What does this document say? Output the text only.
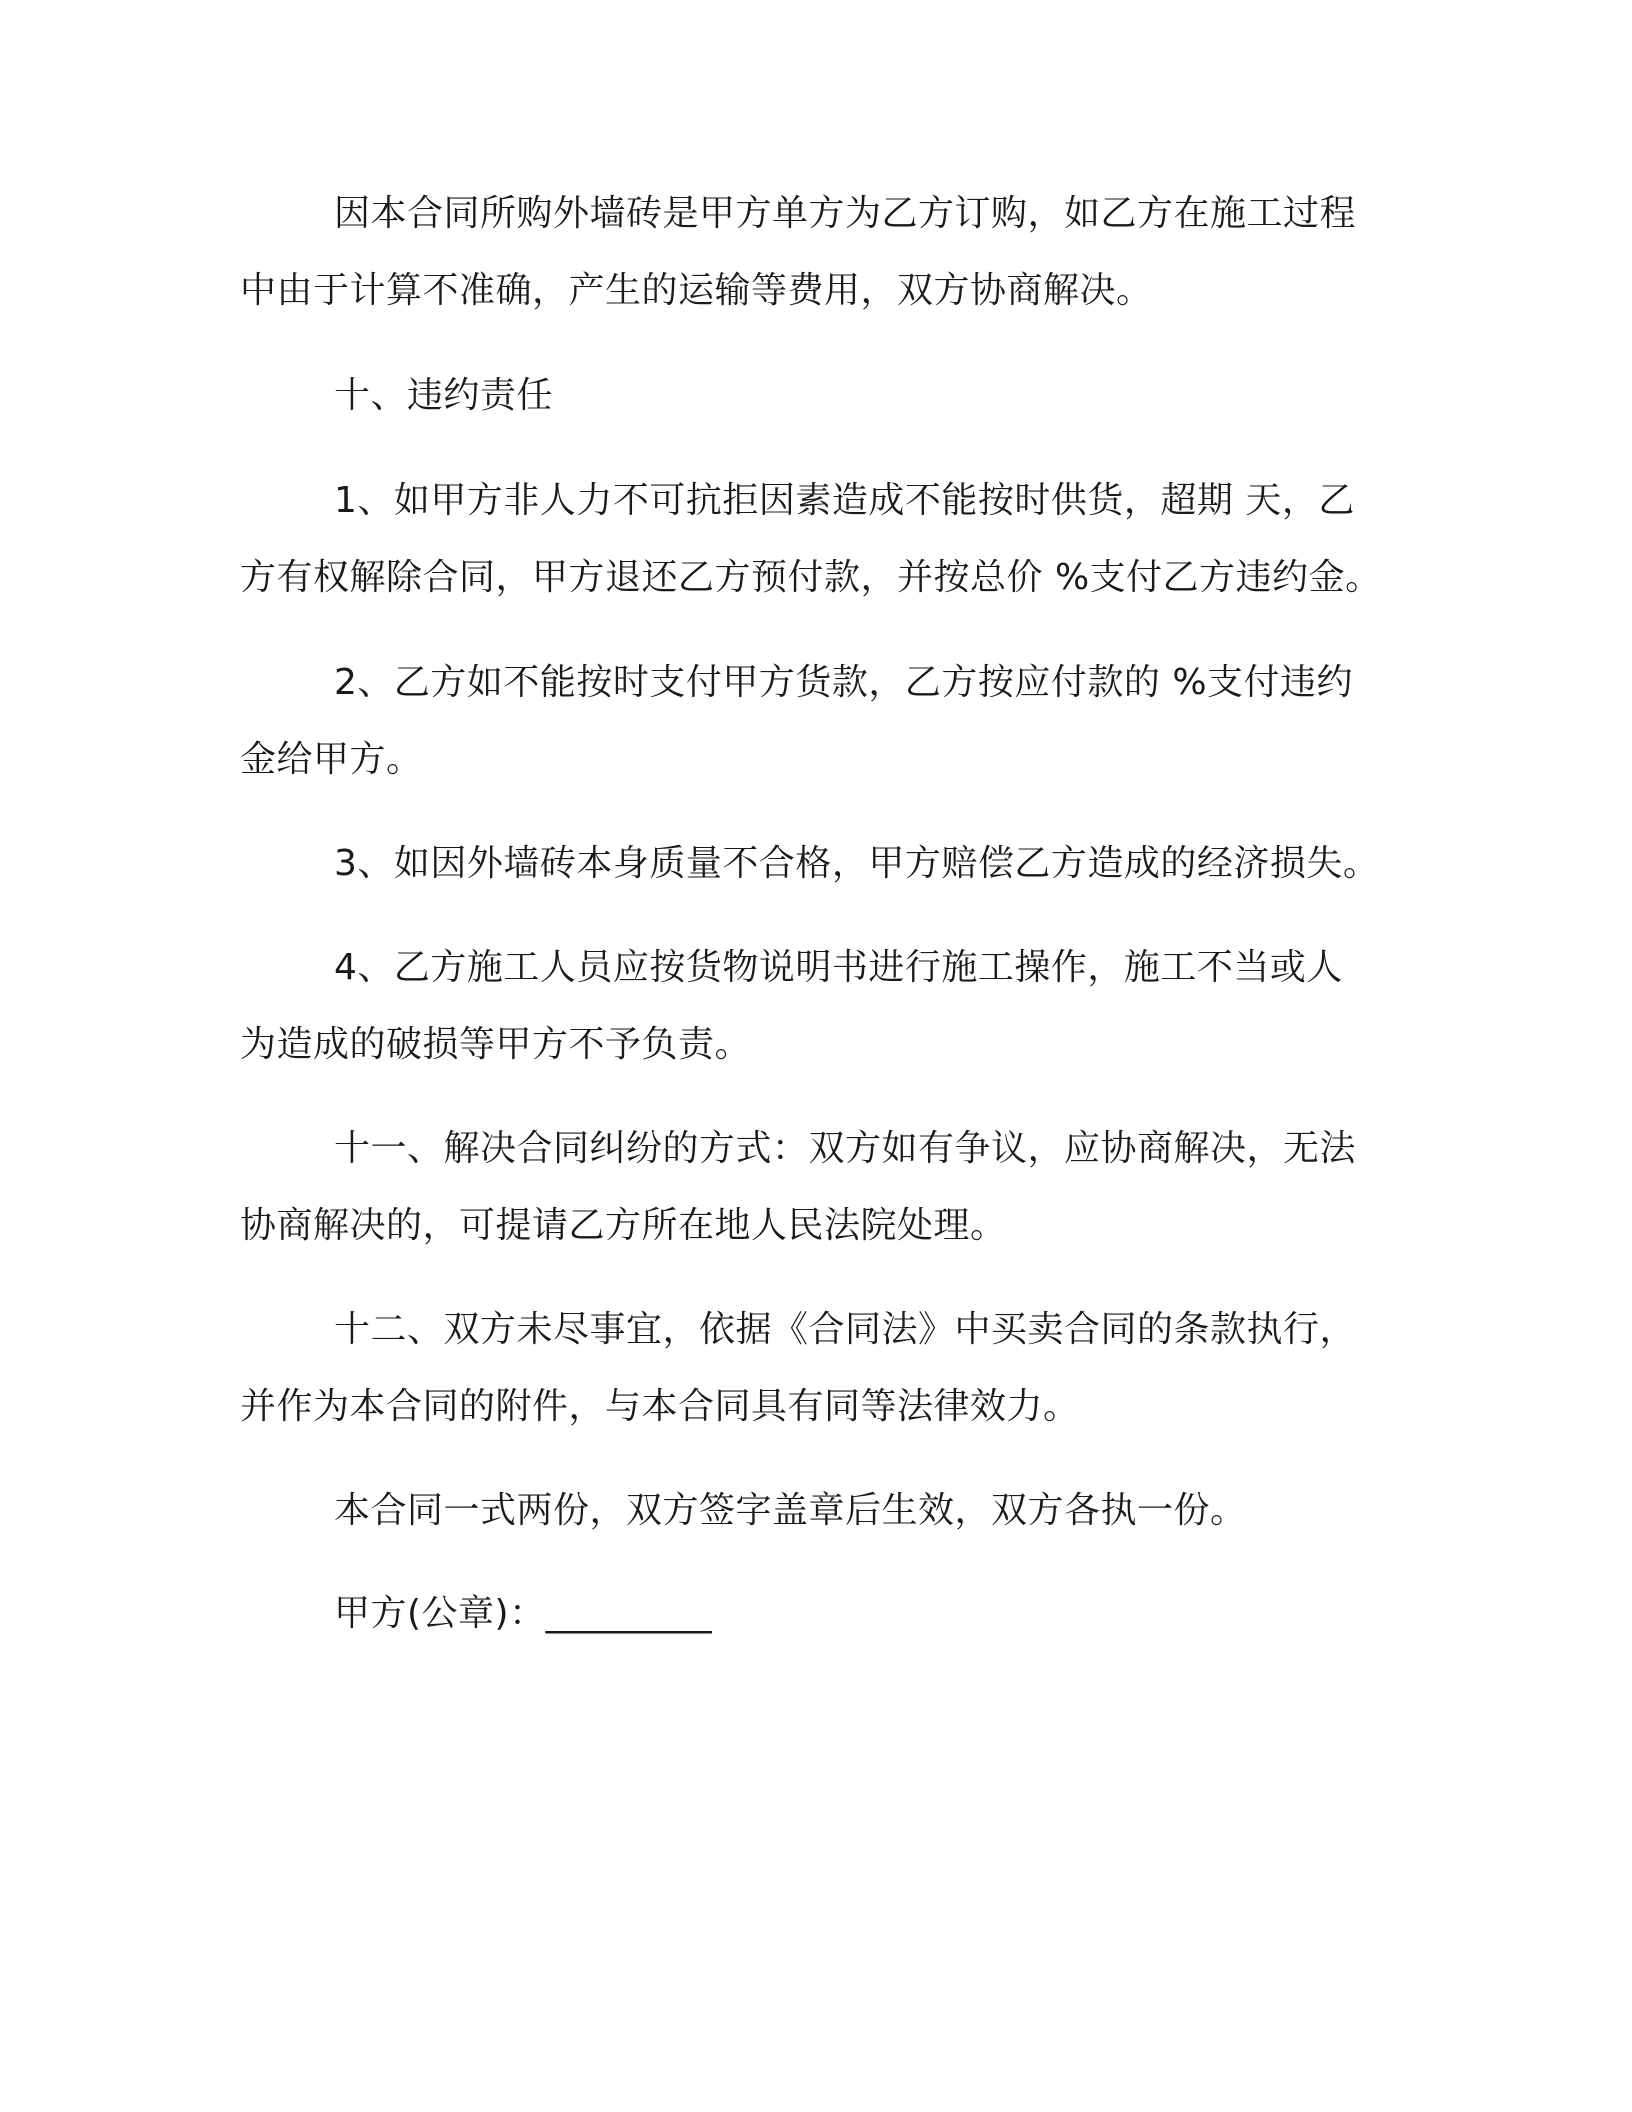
因本合同所购外墙砖是甲方单方为乙方订购，如乙方在施工过程
中由于计算不准确，产生的运输等费用，双方协商解决。
十、违约责任
1、如甲方非人力不可抗拒因素造成不能按时供货，超期 天，乙
方有权解除合同，甲方退还乙方预付款，并按总价 %支付乙方违约金。
2、乙方如不能按时支付甲方货款，乙方按应付款的 %支付违约
金给甲方。
3、如因外墙砖本身质量不合格，甲方赔偿乙方造成的经济损失。
4、乙方施工人员应按货物说明书进行施工操作，施工不当或人
为造成的破损等甲方不予负责。
十一、解决合同纠纷的方式：双方如有争议，应协商解决，无法
协商解决的，可提请乙方所在地人民法院处理。
十二、双方未尽事宜，依据《合同法》中买卖合同的条款执行，
并作为本合同的附件，与本合同具有同等法律效力。
本合同一式两份，双方签字盖章后生效，双方各执一份。
甲方(公章)：_________
